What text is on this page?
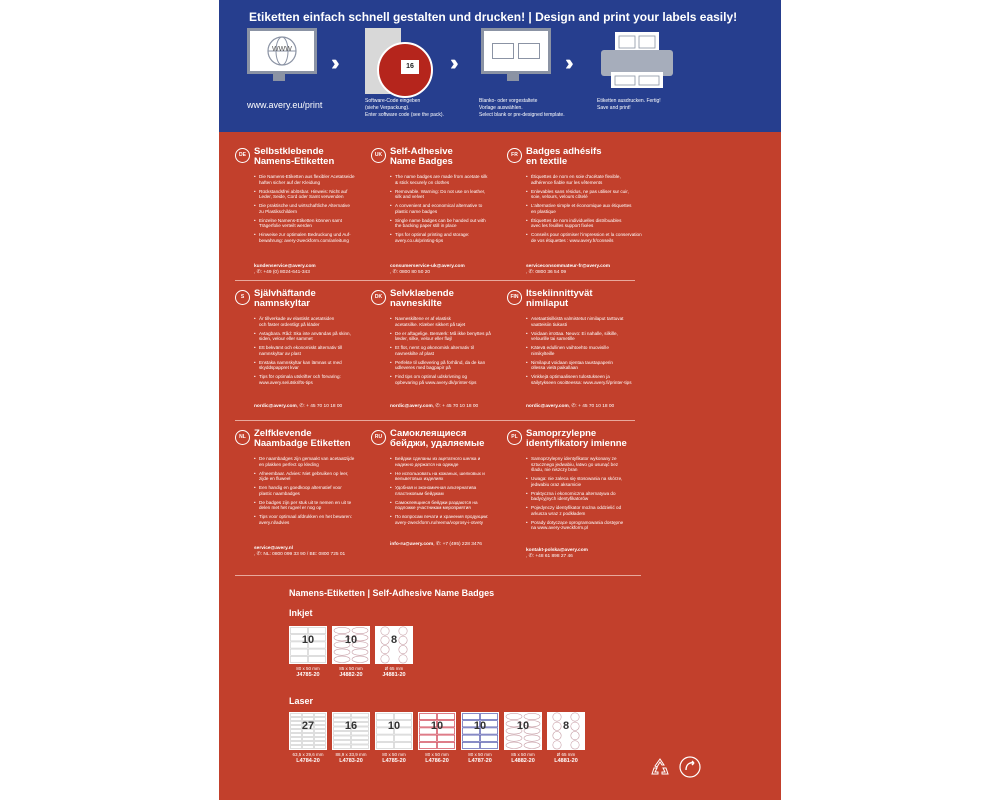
Etiketten einfach schnell gestalten und drucken! | Design and print your labels easily!
WWW
www.avery.eu/print
››	16
Software-Code eingeben
(siehe Verpackung).
Enter software code (see the pack).
››
Blanko- oder vorgestaltete
Vorlage auswählen.
Select blank or pre-designed template.
››
Etiketten ausdrucken. Fertig!
Save and print!
DE Selbstklebende
Namens-Etiketten
• Die Namens-Etiketten aus flexibler Acetatseide
haften sicher auf der Kleidung
• Rückstandsfrei ablösbar. Hinweis: Nicht auf
Leder, Seide, Cord oder Samt verwenden
• Die praktische und wirtschaftliche Alternative
zu Plastikschildern
• Einzelne Namens-Etiketten können samt
Trägerfolie verteilt werden
• Hinweise zur optimalen Bedruckung und Auf-
bewahrung: avery-zweckform.com/anleitung
kundenservice@avery.com
, ✆: +49 (0) 8024-641-343
UK Self-Adhesive
Name Badges
• The name badges are made from acetate silk
& stick securely on clothes
• Removable. Warning: Do not use on leather,
silk and velvet
• A convenient and economical alternative to
plastic name badges
• Single name badges can be handed out with
the backing paper still in place
• Tips for optimal printing and storage:
avery.co.uk/printing-tips
consumerservice-uk@avery.com
, ✆: 0800 80 50 20
FR Badges adhésifs
en textile
• Étiquettes de nom en soie d'acétate flexible,
adhérence fiable sur les vêtements
• Enlevables sans résidus, ne pas utiliser sur cuir,
soie, velours, velours côtelé
• L'alternative simple et économique aux étiquettes
en plastique
• Étiquettes de nom individuelles distribuables
avec les feuilles support fixées
• Conseils pour optimiser l'impression et la conservation
de vos étiquettes : www.avery.fr/conseils
serviceconsommateur-fr@avery.com
, ✆: 0800 36 54 09
S	Självhäftande
namnskyltar
• Är tillverkade av elastiskt acetatsiden
och fäster ordentligt på kläder
• Avtagbara. Råd: Ska inte användas på skinn,
siden, velour eller sammet
• Ett bekvämt och ekonomiskt alternativ till
namnskyltar av plast
• Enstaka namnskyltar kan lämnas ut med
skyddspappret kvar
• Tips för optimala utskrifter och förvaring:
www.avery.se/utskrifts-tips
nordic@avery.com, ✆: + 45 70 10 18 00
DK Selvklæbende
navneskilte
• Navneskiltene er af elastisk
acetatsilke. Klæber sikkert på tøjet
• De er aftagelige. Bemærk: Må ikke benyttes på
læder, silke, velour eller fløjl
• Et flot, nemt og økonomisk alternativ til
navneskilte af plast
• Perfekte til udlevering på forhånd, da de kan
udleveres med bagpapir på
• Find tips om optimal udskrivning og
opbevaring på www.avery.dk/printer-tips
nordic@avery.com, ✆: + 45 70 10 18 00
FIN Itsekiinnittyvät
nimilaput
• Asetaattisilkistä valmistetut nimilaput tarttuvat
vaatteisiin tiukasti
• Voidaan irrottaa. Neuvo: Ei nahalle, silkille,
velourille tai sametille
• Kätevä edullinen vaihtoehto muovisille
nimikylteille
• Nimilaput voidaan ojentaa taustapaperin
ollessa vielä paikallaan
• Vinkkejä optimaaliseen tulostukseen ja
säilytykseen osoitteessa: www.avery.fi/printer-tips
nordic@avery.com, ✆: + 45 70 10 18 00
NL Zelfklevende
Naambadge Etiketten
• De naambadges zijn gemaakt van acetaatzijde
en plakken perfect op kleding
• Afneembaar. Advies: Niet gebruiken op leer,
zijde en fluweel
• Een handig en goedkoop alternatief voor
plastic naambadges
• De badges zijn per stuk uit te nemen en uit te
delen met het rugvel er nog op
• Tips voor optimaal afdrukken en het bewaren:
avery.nl/advies
service@avery.nl
, ✆: NL: 0800 099 33 90 / BE: 0800 725 01
RU Самоклеящиеся
бейджи, удаляемые
• Бейджи сделаны из ацетатного шелка и
надежно держатся на одежде
• Не использовать на кожаных, шелковых и
вельветовых изделиях
• Удобная и экономичная альтернатива
пластиковым бейджам
• Самоклеящиеся бейджи раздаются на
подложке участникам мероприятия
• По вопросам печати и хранения продукции:
avery-zweckform.ru/reema/voprosy-i-otvety
info-ru@avery.com, ✆: +7 (495) 228 3476
PL Samoprzylepne
identyfikatory imienne
• Samoprzylepny identyfikator wykonany ze
sztucznego jedwabiu, łatwo go usunąć bez
śladu, nie niszczy bran
• Uwaga: nie zaleca się stosowania na skórze,
jedwabiu oraz aksamicie
• Praktyczna i ekonomiczna alternatywa do
badycyjnych identyfikatorów
• Pojedynczy identyfikator można oddzielić od
arkusza wraz z podkładem
• Porady dotyczące oprogramowania dostępne
na www.avery-zweckform.pl
kontakt-polska@avery.com
, ✆: +48 61 898 27 46
Namens-Etiketten | Self-Adhesive Name Badges
Inkjet
Laser
10
80 x 50 mm
J4785-20
10
85 x 50 mm
J4882-20
8
Ø 65 mm
J4881-20
27
63,5 x 29,6 mm
L4784-20
16
88,9 x 33,9 mm
L4783-20
10
80 x 50 mm
L4785-20
10
80 x 50 mm
L4786-20
10
80 x 50 mm
L4787-20
10
85 x 50 mm
L4882-20
8
Ø 65 mm
L4881-20
